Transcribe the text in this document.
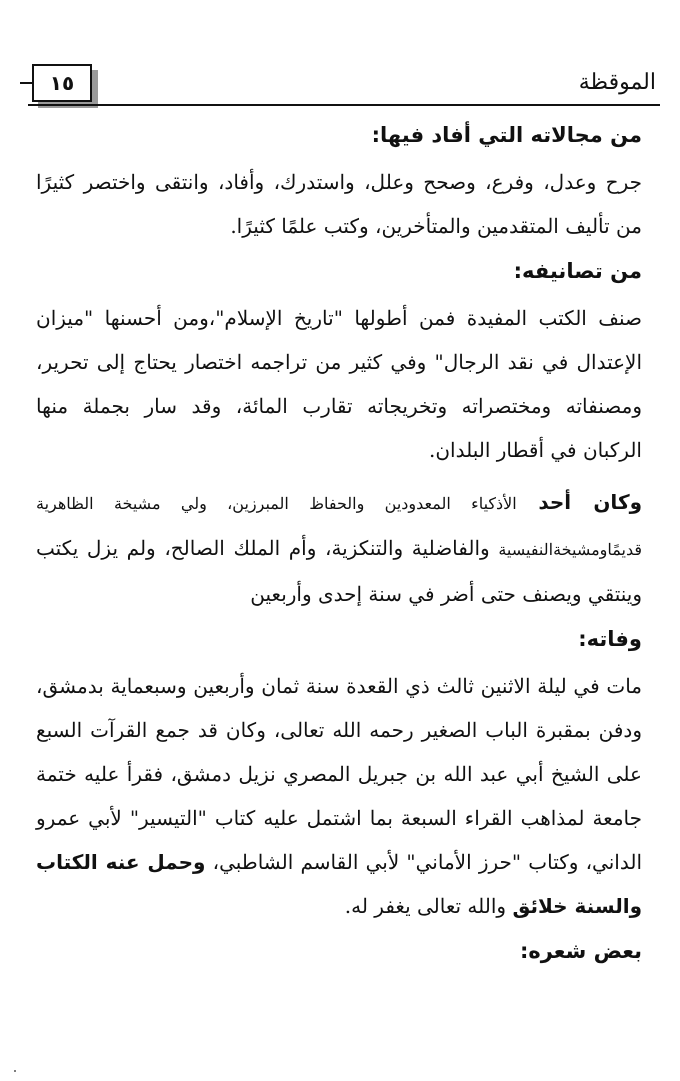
١٥	الموقظة
من مجالاته التي أفاد فيها:

جرح وعدل، وفرع، وصحح وعلل، واستدرك، وأفاد، وانتقى واختصر كثيرًا من تأليف المتقدمين والمتأخرين، وكتب علمًا كثيرًا.

من تصانيفه:

صنف الكتب المفيدة فمن أطولها "تاريخ الإسلام"،ومن أحسنها "ميزان الإعتدال في نقد الرجال" وفي كثير من تراجمه اختصار يحتاج إلى تحرير، ومصنفاته ومختصراته وتخريجاته تقارب المائة، وقد سار بجملة منها الركبان في أقطار البلدان.

وكان أحد الأذكياء المعدودين والحفاظ المبرزين، ولي مشيخة الظاهرية قديمًاومشيخةالنفيسية والفاضلية والتنكزية، وأم الملك الصالح، ولم يزل يكتب وينتقي ويصنف حتى أضر في سنة إحدى وأربعين

وفاته:

مات في ليلة الاثنين ثالث ذي القعدة سنة ثمان وأربعين وسبعماية بدمشق، ودفن بمقبرة الباب الصغير رحمه الله تعالى، وكان قد جمع القرآت السبع على الشيخ أبي عبد الله بن جبريل المصري نزيل دمشق، فقرأ عليه ختمة جامعة لمذاهب القراء السبعة بما اشتمل عليه كتاب "التيسير" لأبي عمرو الداني، وكتاب "حرز الأماني" لأبي القاسم الشاطبي، وحمل عنه الكتاب والسنة خلائق والله تعالى يغفر له.

بعض شعره:
